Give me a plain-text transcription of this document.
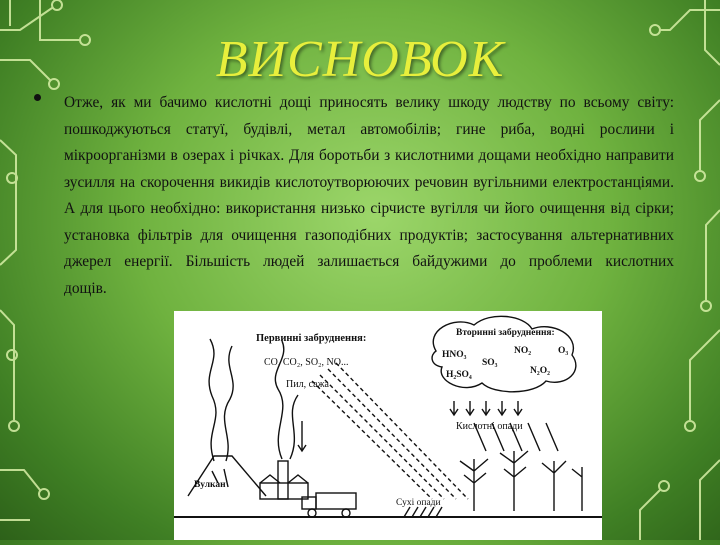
ВИСНОВОК
Отже, як ми бачимо кислотні дощі приносять велику шкоду людству по всьому світу: пошкоджуються статуї, будівлі, метал автомобілів; гине риба, водні рослини і мікроорганізми в озерах і річках. Для боротьби з кислотними дощами необхідно направити зусилля на скорочення викидів кислотоутворюючих речовин вугільними електростанціями. А для цього необхідно: використання низько сірчисте вугілля чи його очищення від сірки; установка фільтрів для очищення газоподібних продуктів; застосування альтернативних джерел енергії. Більшість людей залишається байдужими до проблеми кислотних
дощів.
Первинні забруднення:
CO, CO₂, SO₂, NO...
Пил, сажа
Вулкан
Вторинні забруднення:
HNO₃	NO₂	O₃
SO₃
H₂SO₄	N₂O₂
Кислотні опади
Сухі опади
